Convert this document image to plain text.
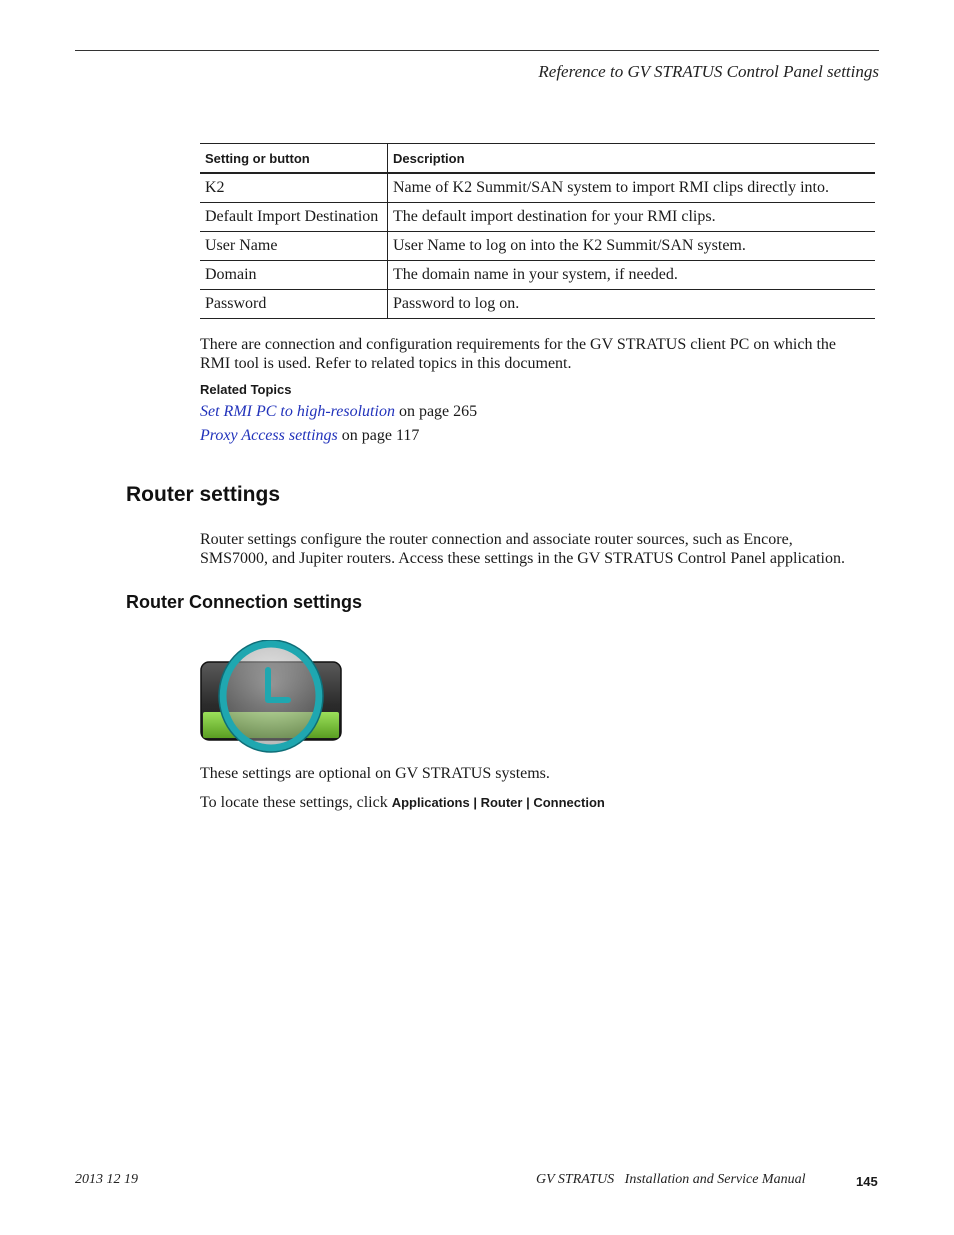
Reference to GV STRATUS Control Panel settings
Setting or button	Description
K2	Name of K2 Summit/SAN system to import RMI clips directly into.
Default Import Destination	The default import destination for your RMI clips.
User Name	User Name to log on into the K2 Summit/SAN system.
Domain	The domain name in your system, if needed.
Password	Password to log on.
There are connection and configuration requirements for the GV STRATUS client PC on which the
RMI tool is used. Refer to related topics in this document.
Related Topics
Set RMI PC to high-resolution on page 265
Proxy Access settings on page 117
Router settings
Router settings configure the router connection and associate router sources, such as Encore,
SMS7000, and Jupiter routers. Access these settings in the GV STRATUS Control Panel application.
Router Connection settings
These settings are optional on GV STRATUS systems.
To locate these settings, click Applications | Router | Connection
2013 12 19	GV STRATUS   Installation and Service Manual	145
